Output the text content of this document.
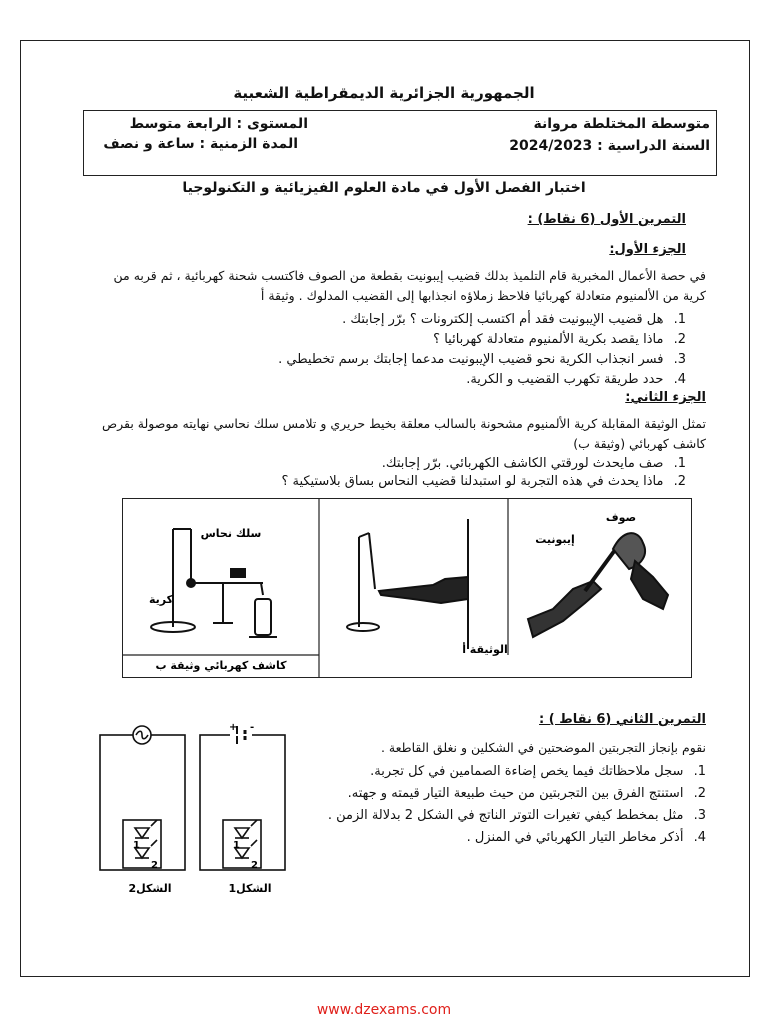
الجمهورية الجزائرية الديمقراطية الشعبية
متوسطة المختلطة مروانة
السنة الدراسية : 2024/2023
المستوى : الرابعة متوسط
المدة الزمنية : ساعة و نصف
اختبار الفصل الأول في مادة العلوم الفيزيائية و التكنولوجيا
التمرين الأول (6 نقاط) :
الجزء الأول:
في حصة الأعمال المخبرية قام التلميذ بدلك قضيب إيبونيت بقطعة من الصوف فاكتسب شحنة كهربائية ، ثم قربه من
كرية من الألمنيوم متعادلة كهربائيا فلاحظ زملاؤه انجذابها إلى القضيب المدلوك . وثيقة أ
1. هل قضيب الإيبونيت فقد أم اكتسب إلكترونات ؟ برّر إجابتك .
2. ماذا يقصد بكرية الألمنيوم متعادلة كهربائيا ؟
3. فسر انجذاب الكرية نحو قضيب الإيبونيت مدعما إجابتك برسم تخطيطي .
4. حدد طريقة تكهرب القضيب و الكرية.
الجزء الثاني:
تمثل الوثيقة المقابلة كرية الألمنيوم مشحونة بالسالب معلقة بخيط حريري و تلامس سلك نحاسي نهايته موصولة بقرص
كاشف كهربائي (وثيقة ب)
1. صف مايحدث لورقتي الكاشف الكهربائي. برّر إجابتك.
2. ماذا يحدث في هذه التجربة لو استبدلنا قضيب النحاس بساق بلاستيكية ؟
سلك نحاس
كرية
كاشف كهربائي وثيقة ب
صوف
إيبونيت
الوثيقة أ
التمرين الثاني (6 نقاط ) :
نقوم بإنجاز التجربتين الموضحتين في الشكلين و نغلق القاطعة .
1. سجل ملاحظاتك فيما يخص إضاءة الصمامين في كل تجربة.
2. استنتج الفرق بين التجربتين من حيث طبيعة التيار قيمته و جهته.
3. مثل بمخطط كيفي تغيرات التوتر الناتج في الشكل 2 بدلالة الزمن .
4. أذكر مخاطر التيار الكهربائي في المنزل .
1
2
الشكل2
+ -
1
2
الشكل1
www.dzexams.com
